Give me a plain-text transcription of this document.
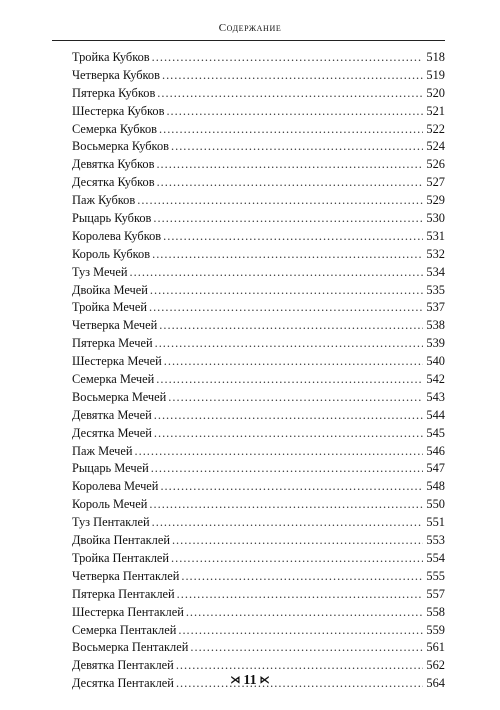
Содержание
Тройка Кубков .....	518
Четверка Кубков .....	519
Пятерка Кубков .....	520
Шестерка Кубков .....	521
Семерка Кубков .....	522
Восьмерка Кубков .....	524
Девятка Кубков .....	526
Десятка Кубков .....	527
Паж Кубков .....	529
Рыцарь Кубков .....	530
Королева Кубков .....	531
Король Кубков .....	532
Туз Мечей .....	534
Двойка Мечей .....	535
Тройка Мечей .....	537
Четверка Мечей .....	538
Пятерка Мечей .....	539
Шестерка Мечей .....	540
Семерка Мечей .....	542
Восьмерка Мечей .....	543
Девятка Мечей .....	544
Десятка Мечей .....	545
Паж Мечей .....	546
Рыцарь Мечей .....	547
Королева Мечей .....	548
Король Мечей .....	550
Туз Пентаклей .....	551
Двойка Пентаклей .....	553
Тройка Пентаклей .....	554
Четверка Пентаклей .....	555
Пятерка Пентаклей .....	557
Шестерка Пентаклей .....	558
Семерка Пентаклей .....	559
Восьмерка Пентаклей .....	561
Девятка Пентаклей .....	562
Десятка Пентаклей .....	564
⋊ 11 ⋉
